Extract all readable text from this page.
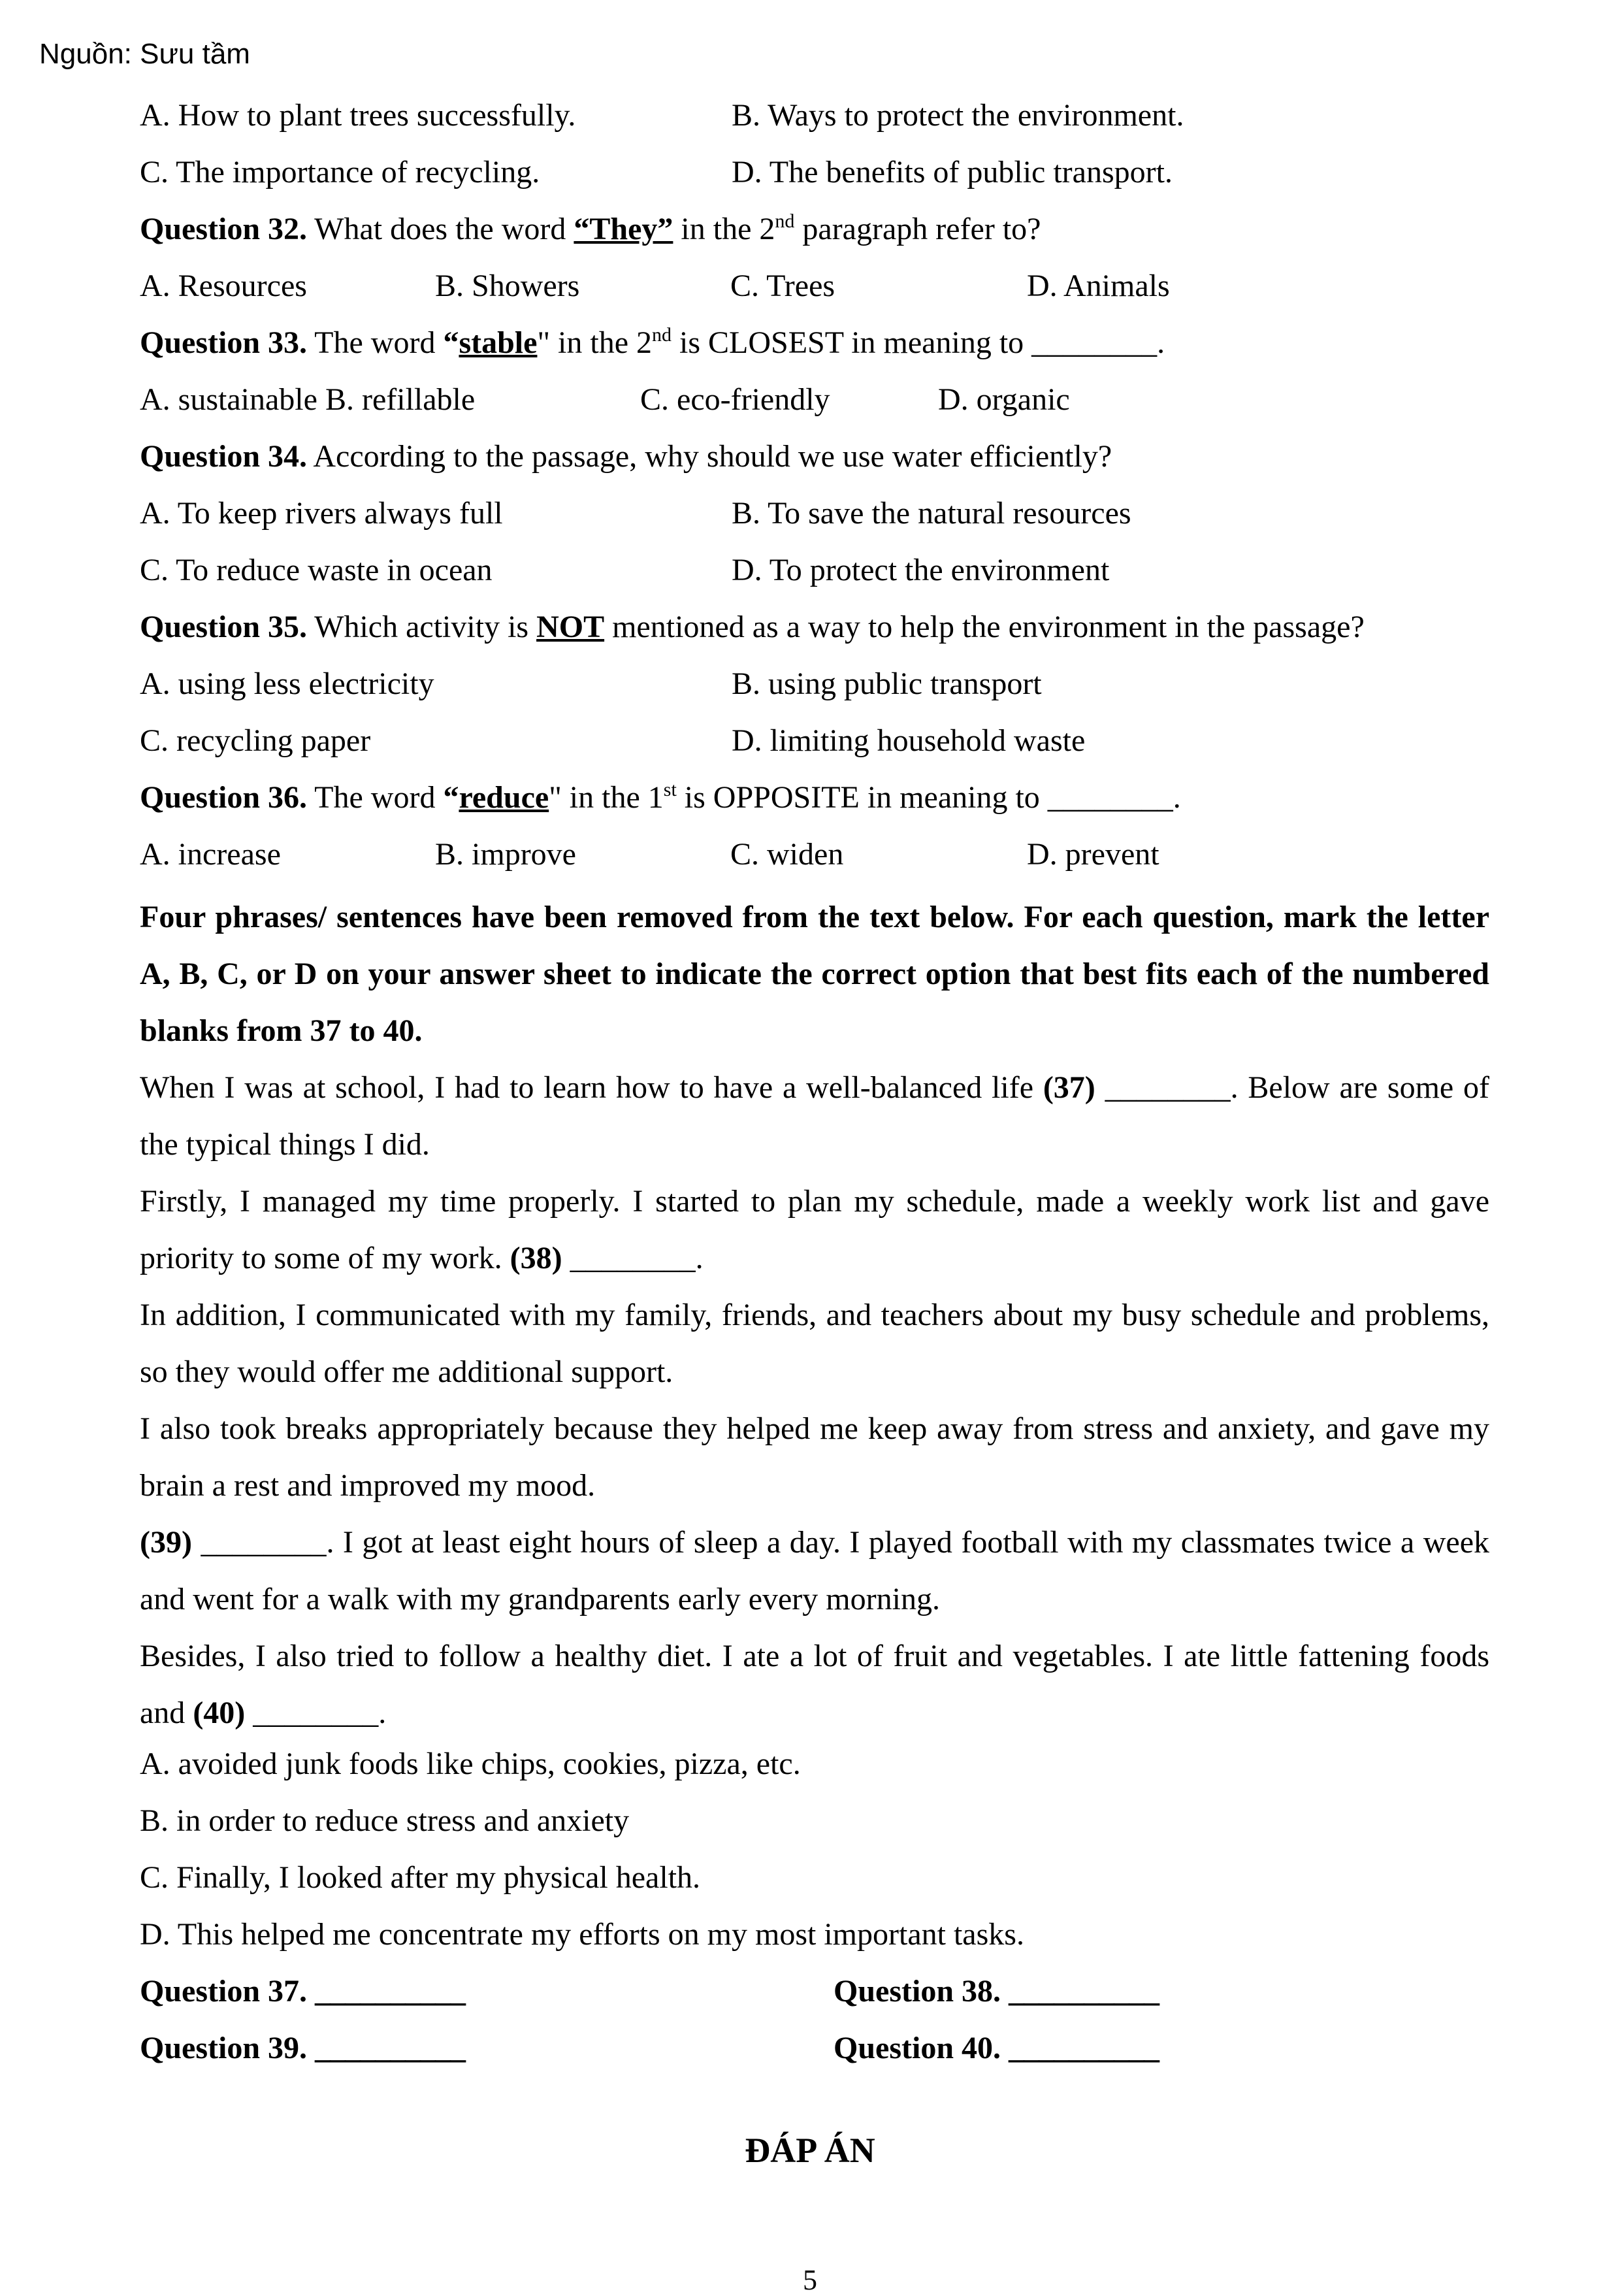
Nguồn: Sưu tầm
A. How to plant trees successfully.	B. Ways to protect the environment.
C. The importance of recycling.	D. The benefits of public transport.
Question 32. What does the word “They” in the 2nd paragraph refer to?
A. Resources	B. Showers	C. Trees	D. Animals
Question 33. The word “stable" in the 2nd is CLOSEST in meaning to ________.
A. sustainable B. refillable	C. eco-friendly	D. organic
Question 34. According to the passage, why should we use water efficiently?
A. To keep rivers always full	B. To save the natural resources
C. To reduce waste in ocean	D. To protect the environment
Question 35. Which activity is NOT mentioned as a way to help the environment in the passage?
A. using less electricity	B. using public transport
C. recycling paper	D. limiting household waste
Question 36. The word “reduce" in the 1st is OPPOSITE in meaning to ________.
A. increase	B. improve	C. widen	D. prevent
Four phrases/ sentences have been removed from the text below. For each question, mark the letter A, B, C, or D on your answer sheet to indicate the correct option that best fits each of the numbered blanks from 37 to 40.
When I was at school, I had to learn how to have a well-balanced life (37) ________. Below are some of the typical things I did.
Firstly, I managed my time properly. I started to plan my schedule, made a weekly work list and gave priority to some of my work. (38) ________.
In addition, I communicated with my family, friends, and teachers about my busy schedule and problems, so they would offer me additional support.
I also took breaks appropriately because they helped me keep away from stress and anxiety, and gave my brain a rest and improved my mood.
(39) ________. I got at least eight hours of sleep a day. I played football with my classmates twice a week and went for a walk with my grandparents early every morning.
Besides, I also tried to follow a healthy diet. I ate a lot of fruit and vegetables. I ate little fattening foods and (40) ________.
A. avoided junk foods like chips, cookies, pizza, etc.
B. in order to reduce stress and anxiety
C. Finally, I looked after my physical health.
D. This helped me concentrate my efforts on my most important tasks.
Question 37. __________	Question 38. __________
Question 39. __________	Question 40. __________
ĐÁP ÁN
5
